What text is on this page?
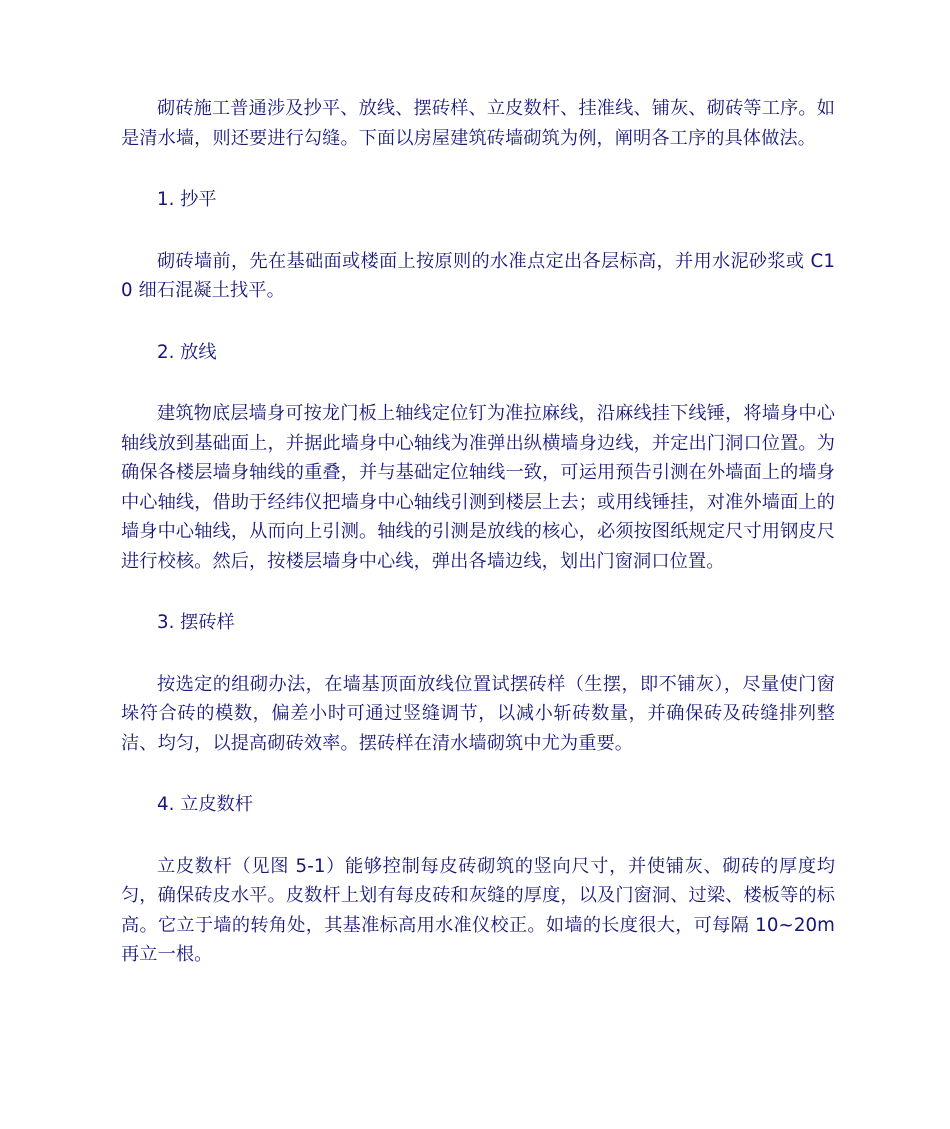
砌砖施工普通涉及抄平、放线、摆砖样、立皮数杆、挂准线、铺灰、砌砖等工序。如是清水墙，则还要进行勾缝。下面以房屋建筑砖墙砌筑为例，阐明各工序的具体做法。

1. 抄平

砌砖墙前，先在基础面或楼面上按原则的水准点定出各层标高，并用水泥砂浆或 C10 细石混凝土找平。

2. 放线

建筑物底层墙身可按龙门板上轴线定位钉为准拉麻线，沿麻线挂下线锤，将墙身中心轴线放到基础面上，并据此墙身中心轴线为准弹出纵横墙身边线，并定出门洞口位置。为确保各楼层墙身轴线的重叠，并与基础定位轴线一致，可运用预告引测在外墙面上的墙身中心轴线，借助于经纬仪把墙身中心轴线引测到楼层上去；或用线锤挂，对准外墙面上的墙身中心轴线，从而向上引测。轴线的引测是放线的核心，必须按图纸规定尺寸用钢皮尺进行校核。然后，按楼层墙身中心线，弹出各墙边线，划出门窗洞口位置。

3. 摆砖样

按选定的组砌办法，在墙基顶面放线位置试摆砖样（生摆，即不铺灰），尽量使门窗垛符合砖的模数，偏差小时可通过竖缝调节，以减小斩砖数量，并确保砖及砖缝排列整洁、均匀，以提高砌砖效率。摆砖样在清水墙砌筑中尤为重要。

4. 立皮数杆

立皮数杆（见图 5-1）能够控制每皮砖砌筑的竖向尺寸，并使铺灰、砌砖的厚度均匀，确保砖皮水平。皮数杆上划有每皮砖和灰缝的厚度，以及门窗洞、过梁、楼板等的标高。它立于墙的转角处，其基准标高用水准仪校正。如墙的长度很大，可每隔 10~20m 再立一根。
